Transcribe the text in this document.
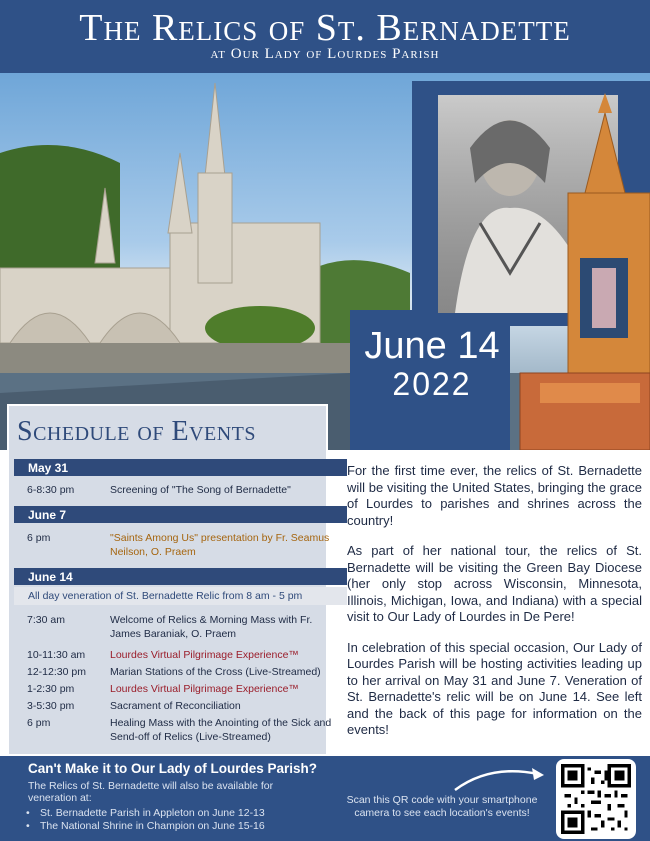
The Relics of St. Bernadette
at Our Lady of Lourdes Parish
June 14
2022
Schedule of Events
May 31
6-8:30 pm	Screening of "The Song of Bernadette"
June 7
6 pm	"Saints Among Us" presentation by Fr. Seamus Neilson, O. Praem
June 14
All day veneration of St. Bernadette Relic from 8 am - 5 pm
7:30 am	Welcome of Relics & Morning Mass with Fr. James Baraniak, O. Praem
10-11:30 am	Lourdes Virtual Pilgrimage Experience™
12-12:30 pm	Marian Stations of the Cross (Live-Streamed)
1-2:30 pm	Lourdes Virtual Pilgrimage Experience™
3-5:30 pm	Sacrament of Reconciliation
6 pm	Healing Mass with the Anointing of the Sick and Send-off of Relics (Live-Streamed)

For the first time ever, the relics of St. Bernadette will be visiting the United States, bringing the grace of Lourdes to parishes and shrines across the country!

As part of her national tour, the relics of St. Bernadette will be visiting the Green Bay Diocese (her only stop across Wisconsin, Minnesota, Illinois, Michigan, Iowa, and Indiana) with a special visit to Our Lady of Lourdes in De Pere!

In celebration of this special occasion, Our Lady of Lourdes Parish will be hosting activities leading up to her arrival on May 31 and June 7. Veneration of St. Bernadette's relic will be on June 14. See left and the back of this page for information on the events!

Can't Make it to Our Lady of Lourdes Parish?
The Relics of St. Bernadette will also be available for veneration at:
• St. Bernadette Parish in Appleton on June 12-13
• The National Shrine in Champion on June 15-16
Scan this QR code with your smartphone camera to see each location's events!
